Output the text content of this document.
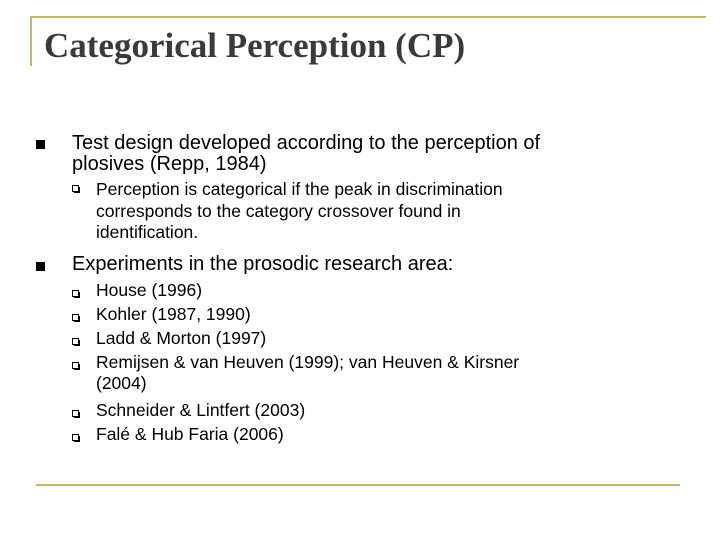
Categorical Perception (CP)
Test design developed according to the perception of
plosives (Repp, 1984)
Perception is categorical if the peak in discrimination
corresponds to the category crossover found in
identification.
Experiments in the prosodic research area:
House (1996)
Kohler (1987, 1990)
Ladd & Morton (1997)
Remijsen & van Heuven (1999); van Heuven & Kirsner
(2004)
Schneider & Lintfert (2003)
Falé & Hub Faria (2006)
